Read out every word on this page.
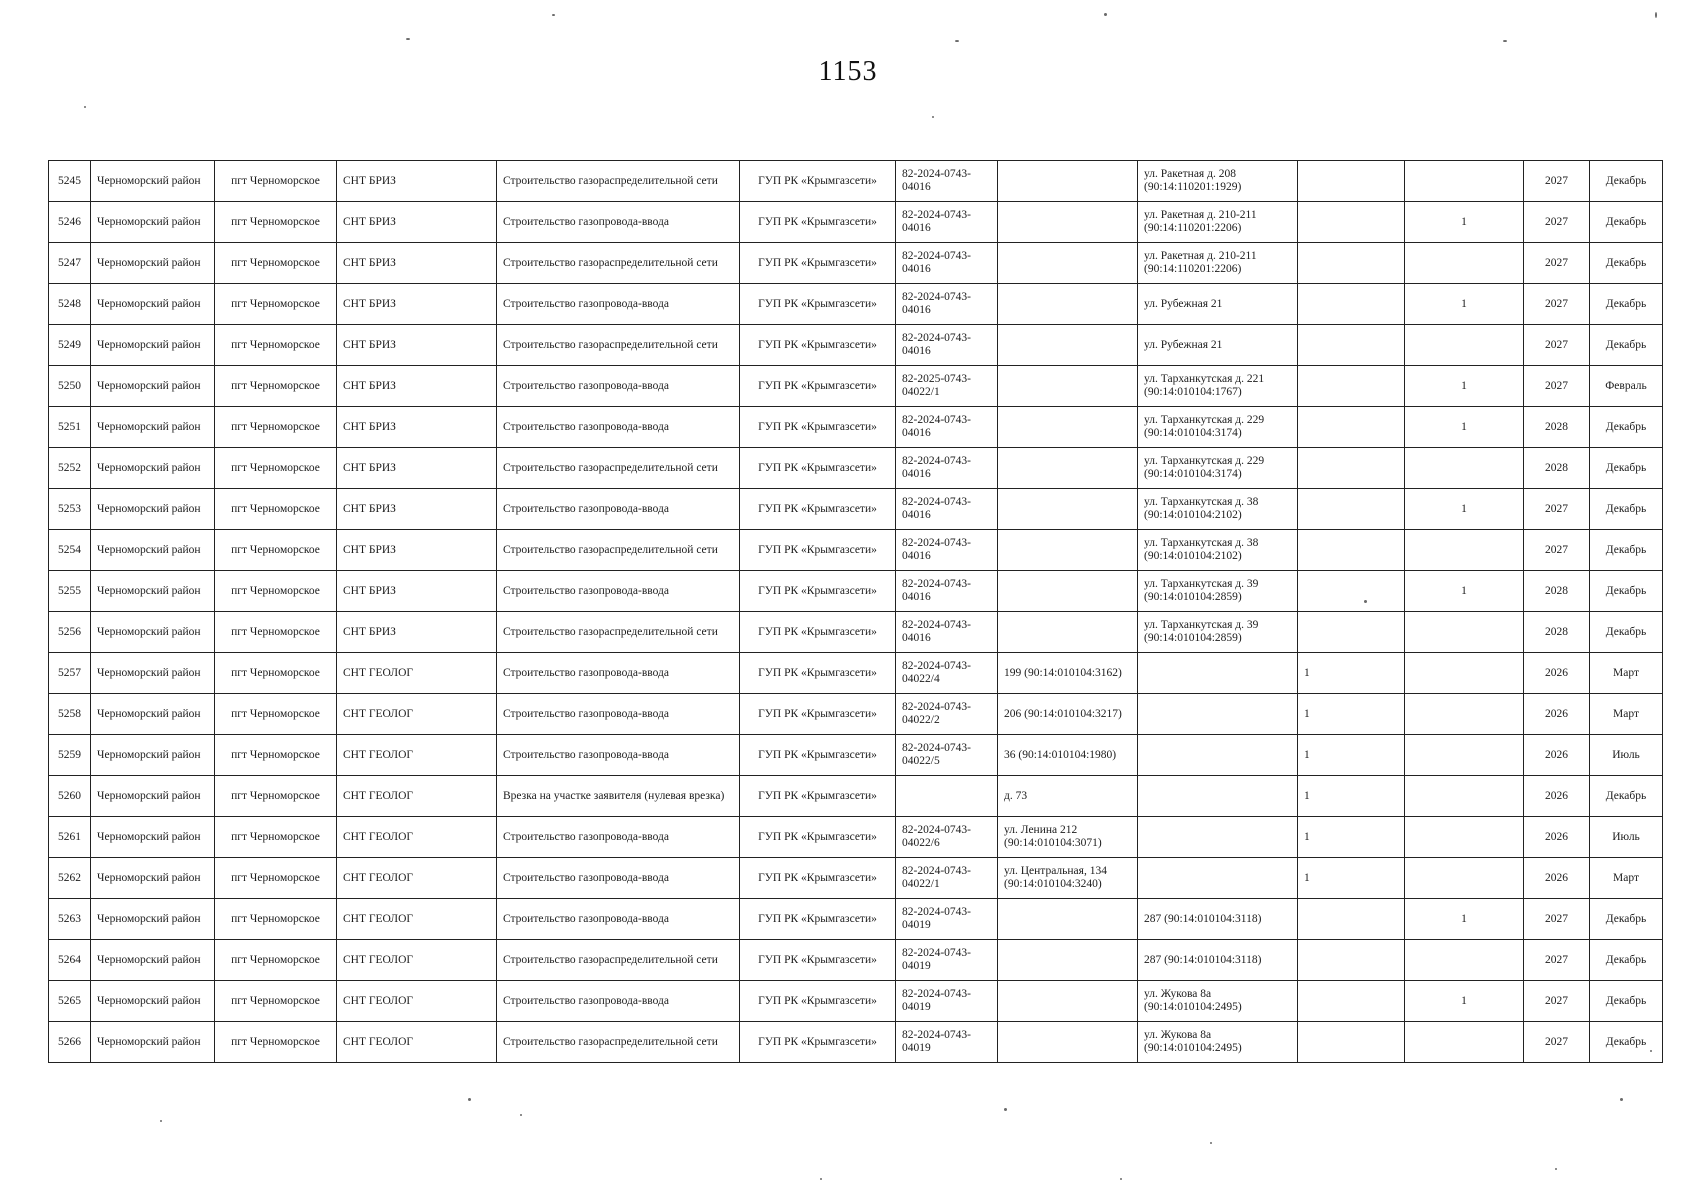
1153
5245	Черноморский район	пгт Черноморское	СНТ БРИЗ	Строительство газораспределительной сети	ГУП РК «Крымгазсети»	82-2024-0743-04016		ул. Ракетная д. 208 (90:14:110201:1929)			2027	Декабрь
5246	Черноморский район	пгт Черноморское	СНТ БРИЗ	Строительство газопровода-ввода	ГУП РК «Крымгазсети»	82-2024-0743-04016		ул. Ракетная д. 210-211 (90:14:110201:2206)		1	2027	Декабрь
5247	Черноморский район	пгт Черноморское	СНТ БРИЗ	Строительство газораспределительной сети	ГУП РК «Крымгазсети»	82-2024-0743-04016		ул. Ракетная д. 210-211 (90:14:110201:2206)			2027	Декабрь
5248	Черноморский район	пгт Черноморское	СНТ БРИЗ	Строительство газопровода-ввода	ГУП РК «Крымгазсети»	82-2024-0743-04016		ул. Рубежная 21		1	2027	Декабрь
5249	Черноморский район	пгт Черноморское	СНТ БРИЗ	Строительство газораспределительной сети	ГУП РК «Крымгазсети»	82-2024-0743-04016		ул. Рубежная 21			2027	Декабрь
5250	Черноморский район	пгт Черноморское	СНТ БРИЗ	Строительство газопровода-ввода	ГУП РК «Крымгазсети»	82-2025-0743-04022/1		ул. Тарханкутская д. 221 (90:14:010104:1767)		1	2027	Февраль
5251	Черноморский район	пгт Черноморское	СНТ БРИЗ	Строительство газопровода-ввода	ГУП РК «Крымгазсети»	82-2024-0743-04016		ул. Тарханкутская д. 229 (90:14:010104:3174)		1	2028	Декабрь
5252	Черноморский район	пгт Черноморское	СНТ БРИЗ	Строительство газораспределительной сети	ГУП РК «Крымгазсети»	82-2024-0743-04016		ул. Тарханкутская д. 229 (90:14:010104:3174)			2028	Декабрь
5253	Черноморский район	пгт Черноморское	СНТ БРИЗ	Строительство газопровода-ввода	ГУП РК «Крымгазсети»	82-2024-0743-04016		ул. Тарханкутская д. 38 (90:14:010104:2102)		1	2027	Декабрь
5254	Черноморский район	пгт Черноморское	СНТ БРИЗ	Строительство газораспределительной сети	ГУП РК «Крымгазсети»	82-2024-0743-04016		ул. Тарханкутская д. 38 (90:14:010104:2102)			2027	Декабрь
5255	Черноморский район	пгт Черноморское	СНТ БРИЗ	Строительство газопровода-ввода	ГУП РК «Крымгазсети»	82-2024-0743-04016		ул. Тарханкутская д. 39 (90:14:010104:2859)		1	2028	Декабрь
5256	Черноморский район	пгт Черноморское	СНТ БРИЗ	Строительство газораспределительной сети	ГУП РК «Крымгазсети»	82-2024-0743-04016		ул. Тарханкутская д. 39 (90:14:010104:2859)			2028	Декабрь
5257	Черноморский район	пгт Черноморское	СНТ ГЕОЛОГ	Строительство газопровода-ввода	ГУП РК «Крымгазсети»	82-2024-0743-04022/4	199 (90:14:010104:3162)		1		2026	Март
5258	Черноморский район	пгт Черноморское	СНТ ГЕОЛОГ	Строительство газопровода-ввода	ГУП РК «Крымгазсети»	82-2024-0743-04022/2	206 (90:14:010104:3217)		1		2026	Март
5259	Черноморский район	пгт Черноморское	СНТ ГЕОЛОГ	Строительство газопровода-ввода	ГУП РК «Крымгазсети»	82-2024-0743-04022/5	36 (90:14:010104:1980)		1		2026	Июль
5260	Черноморский район	пгт Черноморское	СНТ ГЕОЛОГ	Врезка на участке заявителя (нулевая врезка)	ГУП РК «Крымгазсети»		д. 73		1		2026	Декабрь
5261	Черноморский район	пгт Черноморское	СНТ ГЕОЛОГ	Строительство газопровода-ввода	ГУП РК «Крымгазсети»	82-2024-0743-04022/6	ул. Ленина 212 (90:14:010104:3071)		1		2026	Июль
5262	Черноморский район	пгт Черноморское	СНТ ГЕОЛОГ	Строительство газопровода-ввода	ГУП РК «Крымгазсети»	82-2024-0743-04022/1	ул. Центральная, 134 (90:14:010104:3240)		1		2026	Март
5263	Черноморский район	пгт Черноморское	СНТ ГЕОЛОГ	Строительство газопровода-ввода	ГУП РК «Крымгазсети»	82-2024-0743-04019		287 (90:14:010104:3118)		1	2027	Декабрь
5264	Черноморский район	пгт Черноморское	СНТ ГЕОЛОГ	Строительство газораспределительной сети	ГУП РК «Крымгазсети»	82-2024-0743-04019		287 (90:14:010104:3118)			2027	Декабрь
5265	Черноморский район	пгт Черноморское	СНТ ГЕОЛОГ	Строительство газопровода-ввода	ГУП РК «Крымгазсети»	82-2024-0743-04019		ул. Жукова 8а (90:14:010104:2495)		1	2027	Декабрь
5266	Черноморский район	пгт Черноморское	СНТ ГЕОЛОГ	Строительство газораспределительной сети	ГУП РК «Крымгазсети»	82-2024-0743-04019		ул. Жукова 8а (90:14:010104:2495)			2027	Декабрь
